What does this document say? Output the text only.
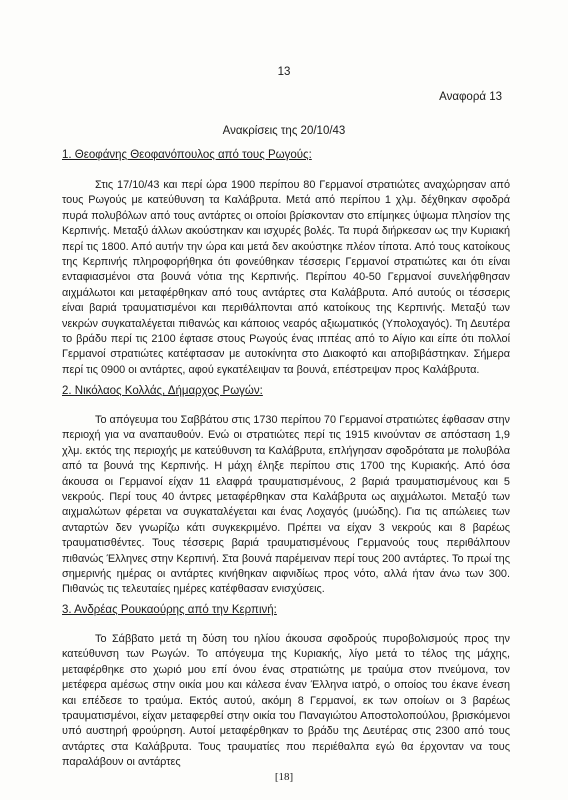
13
Αναφορά 13
Ανακρίσεις της 20/10/43
1. Θεοφάνης Θεοφανόπουλος από τους Ρωγούς:

Στις 17/10/43 και περί ώρα 1900 περίπου 80 Γερμανοί στρατιώτες αναχώρησαν από τους Ρωγούς με κατεύθυνση τα Καλάβρυτα. Μετά από περίπου 1 χλμ. δέχθηκαν σφοδρά πυρά πολυβόλων από τους αντάρτες οι οποίοι βρίσκονταν στο επίμηκες ύψωμα πλησίον της Κερπινής. Μεταξύ άλλων ακούστηκαν και ισχυρές βολές. Τα πυρά διήρκεσαν ως την Κυριακή περί τις 1800. Από αυτήν την ώρα και μετά δεν ακούστηκε πλέον τίποτα. Από τους κατοίκους της Κερπινής πληροφορήθηκα ότι φονεύθηκαν τέσσερις Γερμανοί στρατιώτες και ότι είναι ενταφιασμένοι στα βουνά νότια της Κερπινής. Περίπου 40-50 Γερμανοί συνελήφθησαν αιχμάλωτοι και μεταφέρθηκαν από τους αντάρτες στα Καλάβρυτα. Από αυτούς οι τέσσερις είναι βαριά τραυματισμένοι και περιθάλπονται από κατοίκους της Κερπινής. Μεταξύ των νεκρών συγκαταλέγεται πιθανώς και κάποιος νεαρός αξιωματικός (Υπολοχαγός). Τη Δευτέρα το βράδυ περί τις 2100 έφτασε στους Ρωγούς ένας ιππέας από το Αίγιο και είπε ότι πολλοί Γερμανοί στρατιώτες κατέφτασαν με αυτοκίνητα στο Διακοφτό και αποβιβάστηκαν. Σήμερα περί τις 0900 οι αντάρτες, αφού εγκατέλειψαν τα βουνά, επέστρεψαν προς Καλάβρυτα.

2. Νικόλαος Κολλάς, Δήμαρχος Ρωγών:

Το απόγευμα του Σαββάτου στις 1730 περίπου 70 Γερμανοί στρατιώτες έφθασαν στην περιοχή για να αναπαυθούν. Ενώ οι στρατιώτες περί τις 1915 κινούνταν σε απόσταση 1,9 χλμ. εκτός της περιοχής με κατεύθυνση τα Καλάβρυτα, επλήγησαν σφοδρότατα με πολυβόλα από τα βουνά της Κερπινής. Η μάχη έληξε περίπου στις 1700 της Κυριακής. Από όσα άκουσα οι Γερμανοί είχαν 11 ελαφρά τραυματισμένους, 2 βαριά τραυματισμένους και 5 νεκρούς. Περί τους 40 άντρες μεταφέρθηκαν στα Καλάβρυτα ως αιχμάλωτοι. Μεταξύ των αιχμαλώτων φέρεται να συγκαταλέγεται και ένας Λοχαγός (μυώδης). Για τις απώλειες των ανταρτών δεν γνωρίζω κάτι συγκεκριμένο. Πρέπει να είχαν 3 νεκρούς και 8 βαρέως τραυματισθέντες. Τους τέσσερις βαριά τραυματισμένους Γερμανούς τους περιθάλπουν πιθανώς Έλληνες στην Κερπινή. Στα βουνά παρέμειναν περί τους 200 αντάρτες. Το πρωί της σημερινής ημέρας οι αντάρτες κινήθηκαν αιφνιδίως προς νότο, αλλά ήταν άνω των 300. Πιθανώς τις τελευταίες ημέρες κατέφθασαν ενισχύσεις.

3. Ανδρέας Ρουκαούρης από την Κερπινή:

Το Σάββατο μετά τη δύση του ηλίου άκουσα σφοδρούς πυροβολισμούς προς την κατεύθυνση των Ρωγών. Το απόγευμα της Κυριακής, λίγο μετά το τέλος της μάχης, μεταφέρθηκε στο χωριό μου επί όνου ένας στρατιώτης με τραύμα στον πνεύμονα, τον μετέφερα αμέσως στην οικία μου και κάλεσα έναν Έλληνα ιατρό, ο οποίος του έκανε ένεση και επέδεσε το τραύμα. Εκτός αυτού, ακόμη 8 Γερμανοί, εκ των οποίων οι 3 βαρέως τραυματισμένοι, είχαν μεταφερθεί στην οικία του Παναγιώτου Αποστολοπούλου, βρισκόμενοι υπό αυστηρή φρούρηση. Αυτοί μεταφέρθηκαν το βράδυ της Δευτέρας στις 2300 από τους αντάρτες στα Καλάβρυτα. Τους τραυματίες που περιέθαλπα εγώ θα έρχονταν να τους παραλάβουν οι αντάρτες

[18]
